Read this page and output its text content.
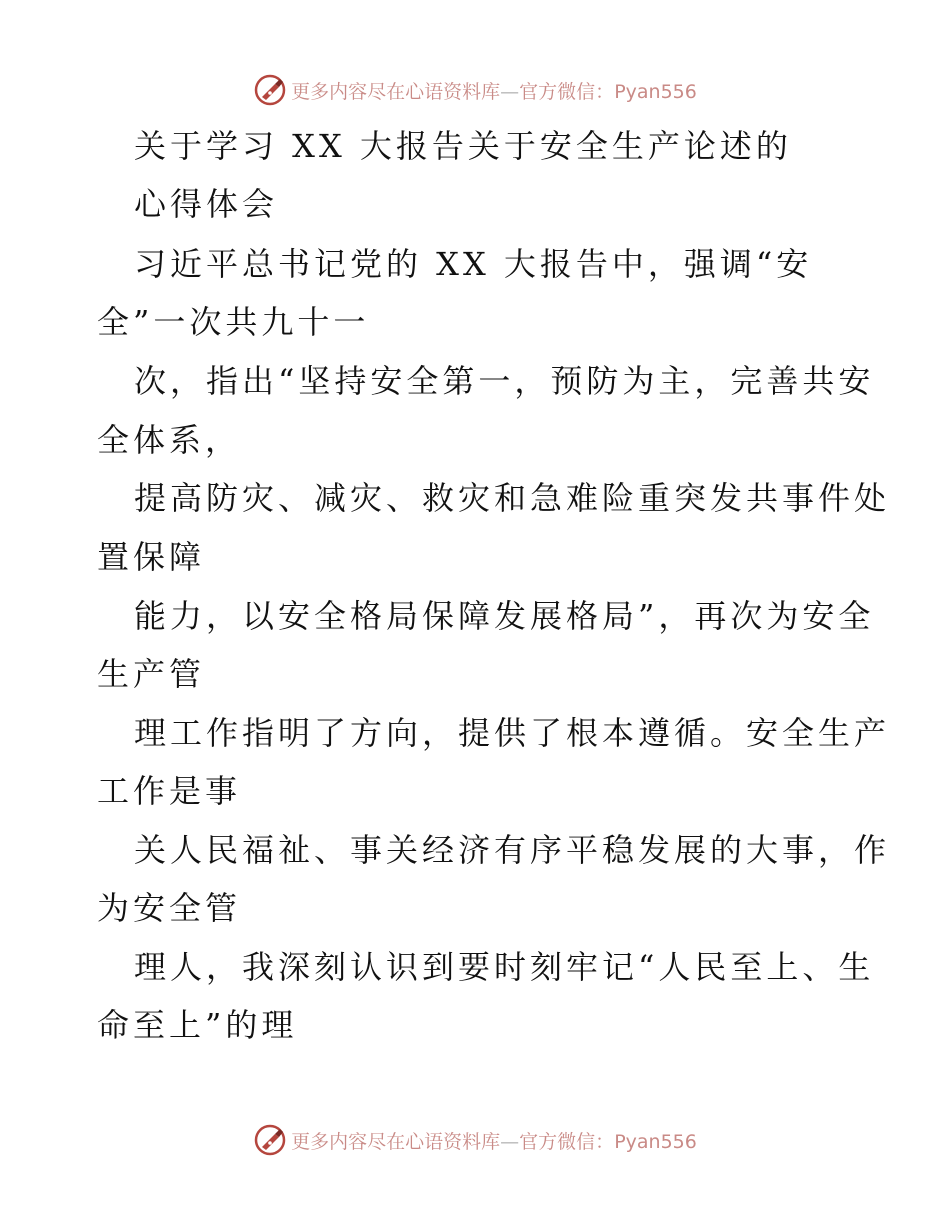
更多内容尽在心语资料库—官方微信：Pyan556
关于学习 XX 大报告关于安全生产论述的
心得体会
习近平总书记党的 XX 大报告中，强调“安
全”一次共九十一
次，指出“坚持安全第一，预防为主，完善共安
全体系，
提高防灾、减灾、救灾和急难险重突发共事件处
置保障
能力，以安全格局保障发展格局”，再次为安全
生产管
理工作指明了方向，提供了根本遵循。安全生产
工作是事
关人民福祉、事关经济有序平稳发展的大事，作
为安全管
理人，我深刻认识到要时刻牢记“人民至上、生
命至上”的理
更多内容尽在心语资料库—官方微信：Pyan556
